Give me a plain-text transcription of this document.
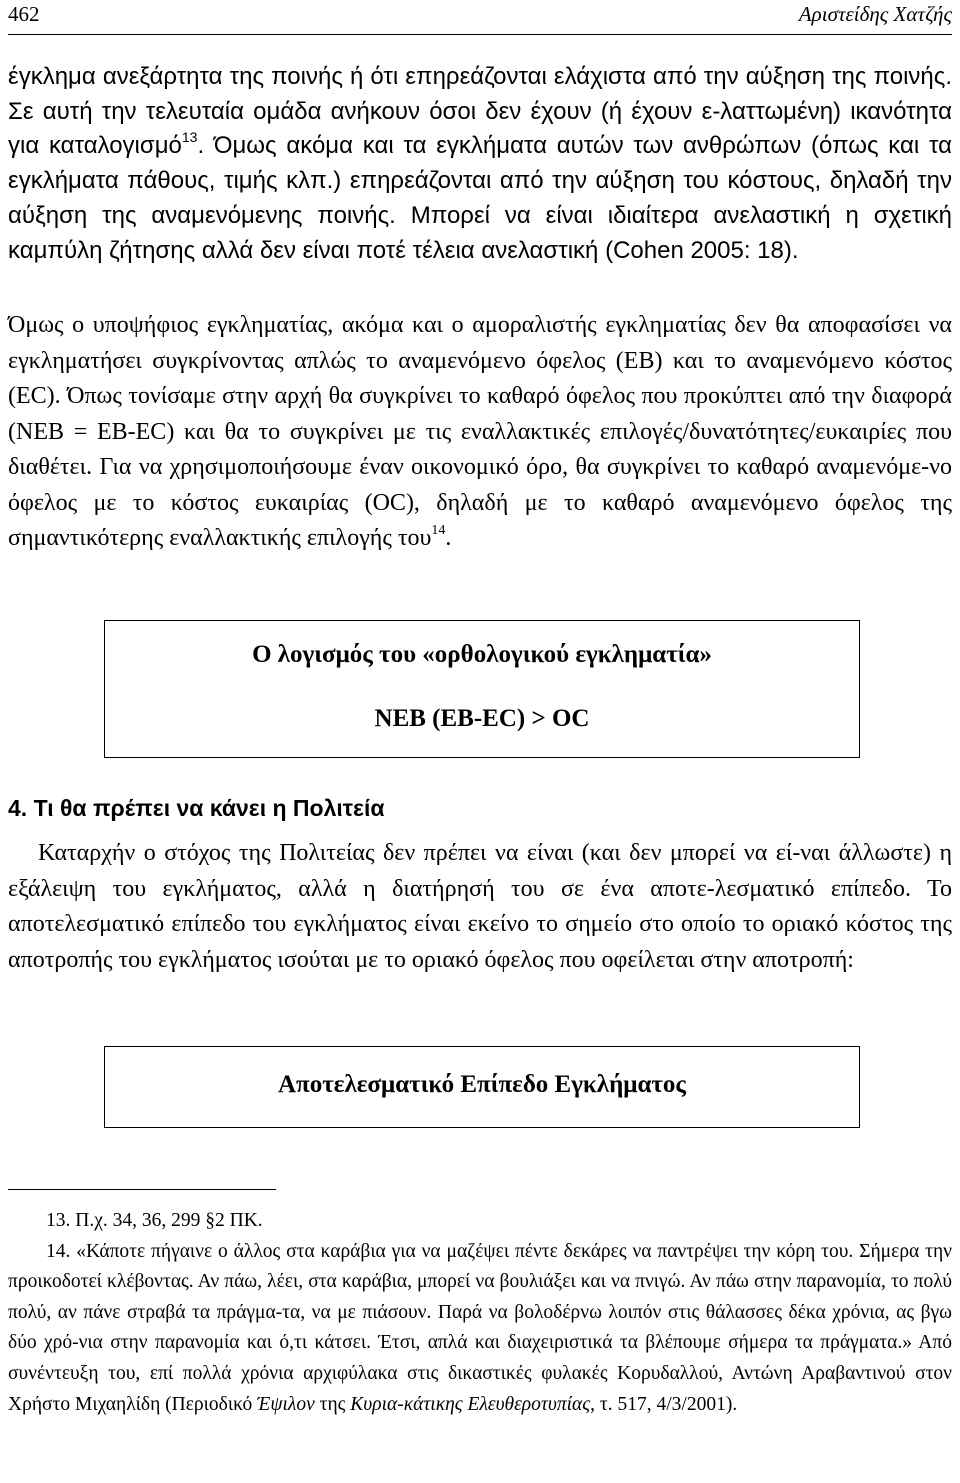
462	Αριστείδης Χατζής

έγκλημα ανεξάρτητα της ποινής ή ότι επηρεάζονται ελάχιστα από την αύξηση της ποινής. Σε αυτή την τελευταία ομάδα ανήκουν όσοι δεν έχουν (ή έχουν ε-λαττωμένη) ικανότητα για καταλογισμό$^{13}$. Όμως ακόμα και τα εγκλήματα αυτών των ανθρώπων (όπως και τα εγκλήματα πάθους, τιμής κλπ.) επηρεάζονται από την αύξηση του κόστους, δηλαδή την αύξηση της αναμενόμενης ποινής. Μπορεί να είναι ιδιαίτερα ανελαστική η σχετική καμπύλη ζήτησης αλλά δεν είναι ποτέ τέλεια ανελαστική (Cohen 2005: 18).

Όμως ο υποψήφιος εγκληματίας, ακόμα και ο αμοραλιστής εγκληματίας δεν θα αποφασίσει να εγκληματήσει συγκρίνοντας απλώς το αναμενόμενο όφελος (ΕΒ) και το αναμενόμενο κόστος (ΕC). Όπως τονίσαμε στην αρχή θα συγκρίνει το καθαρό όφελος που προκύπτει από την διαφορά (ΝΕΒ = ΕΒ-ΕC) και θα το συγκρίνει με τις εναλλακτικές επιλογές/δυνατότητες/ευκαιρίες που διαθέτει. Για να χρησιμοποιήσουμε έναν οικονομικό όρο, θα συγκρίνει το καθαρό αναμενόμε-νο όφελος με το κόστος ευκαιρίας (ΟC), δηλαδή με το καθαρό αναμενόμενο όφελος της σημαντικότερης εναλλακτικής επιλογής του$^{14}$.

Ο λογισμός του «ορθολογικού εγκληματία»
ΝΕΒ (ΕΒ-ΕC) > ΟC
4. Τι θα πρέπει να κάνει η Πολιτεία

Καταρχήν ο στόχος της Πολιτείας δεν πρέπει να είναι (και δεν μπορεί να εί-ναι άλλωστε) η εξάλειψη του εγκλήματος, αλλά η διατήρησή του σε ένα αποτε-λεσματικό επίπεδο. Το αποτελεσματικό επίπεδο του εγκλήματος είναι εκείνο το σημείο στο οποίο το οριακό κόστος της αποτροπής του εγκλήματος ισούται με το οριακό όφελος που οφείλεται στην αποτροπή:

Αποτελεσματικό Επίπεδο Εγκλήματος

13. Π.χ. 34, 36, 299 §2 ΠΚ.

14. «Κάποτε πήγαινε ο άλλος στα καράβια για να μαζέψει πέντε δεκάρες να παντρέψει την κόρη του. Σήμερα την προικοδοτεί κλέβοντας. Αν πάω, λέει, στα καράβια, μπορεί να βουλιάξει και να πνιγώ. Αν πάω στην παρανομία, το πολύ πολύ, αν πάνε στραβά τα πράγμα-τα, να με πιάσουν. Παρά να βολοδέρνω λοιπόν στις θάλασσες δέκα χρόνια, ας βγω δύο χρό-νια στην παρανομία και ό,τι κάτσει. Έτσι, απλά και διαχειριστικά τα βλέπουμε σήμερα τα πράγματα.» Από συνέντευξη του, επί πολλά χρόνια αρχιφύλακα στις δικαστικές φυλακές Κορυδαλλού, Αντώνη Αραβαντινού στον Χρήστο Μιχαηλίδη (Περιοδικό Έψιλον της Κυρια-κάτικης Ελευθεροτυπίας, τ. 517, 4/3/2001).
